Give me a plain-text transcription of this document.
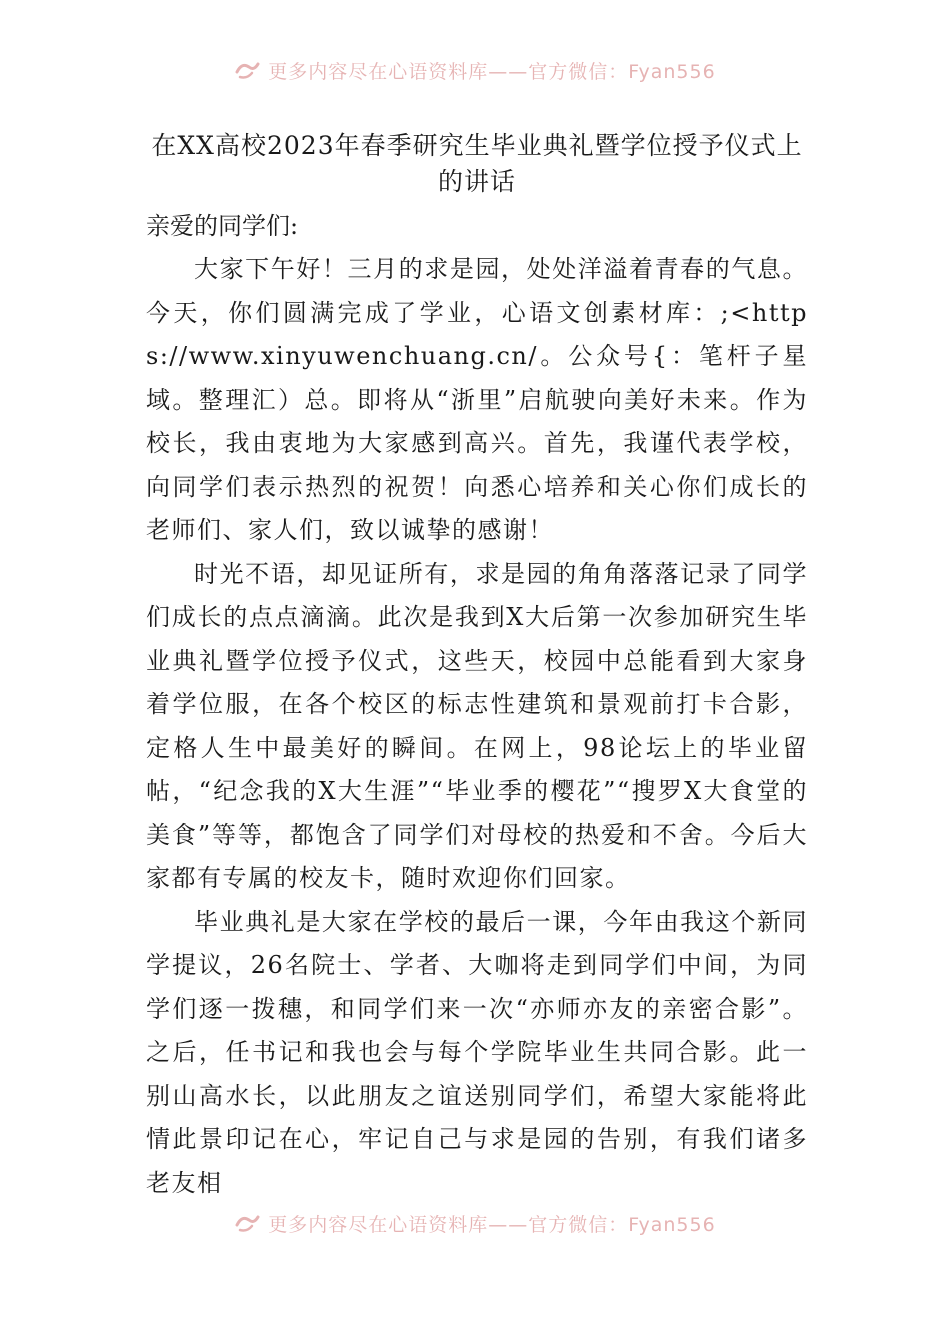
更多内容尽在心语资料库——官方微信：Fyan556
在XX高校2023年春季研究生毕业典礼暨学位授予仪式上的讲话

亲爱的同学们:

大家下午好！三月的求是园，处处洋溢着青春的气息。今天，你们圆满完成了学业，心语文创素材库：;<https://www.xinyuwenchuang.cn/。公众号{：笔杆子星域。整理汇）总。即将从“浙里”启航驶向美好未来。作为校长，我由衷地为大家感到高兴。首先，我谨代表学校，向同学们表示热烈的祝贺！向悉心培养和关心你们成长的老师们、家人们，致以诚挚的感谢！

时光不语，却见证所有，求是园的角角落落记录了同学们成长的点点滴滴。此次是我到X大后第一次参加研究生毕业典礼暨学位授予仪式，这些天，校园中总能看到大家身着学位服，在各个校区的标志性建筑和景观前打卡合影，定格人生中最美好的瞬间。在网上，98论坛上的毕业留帖，“纪念我的X大生涯”“毕业季的樱花”“搜罗X大食堂的美食”等等，都饱含了同学们对母校的热爱和不舍。今后大家都有专属的校友卡，随时欢迎你们回家。

毕业典礼是大家在学校的最后一课，今年由我这个新同学提议，26名院士、学者、大咖将走到同学们中间，为同学们逐一拨穗，和同学们来一次“亦师亦友的亲密合影”。之后，任书记和我也会与每个学院毕业生共同合影。此一别山高水长，以此朋友之谊送别同学们，希望大家能将此情此景印记在心，牢记自己与求是园的告别，有我们诸多老友相

更多内容尽在心语资料库——官方微信：Fyan556
